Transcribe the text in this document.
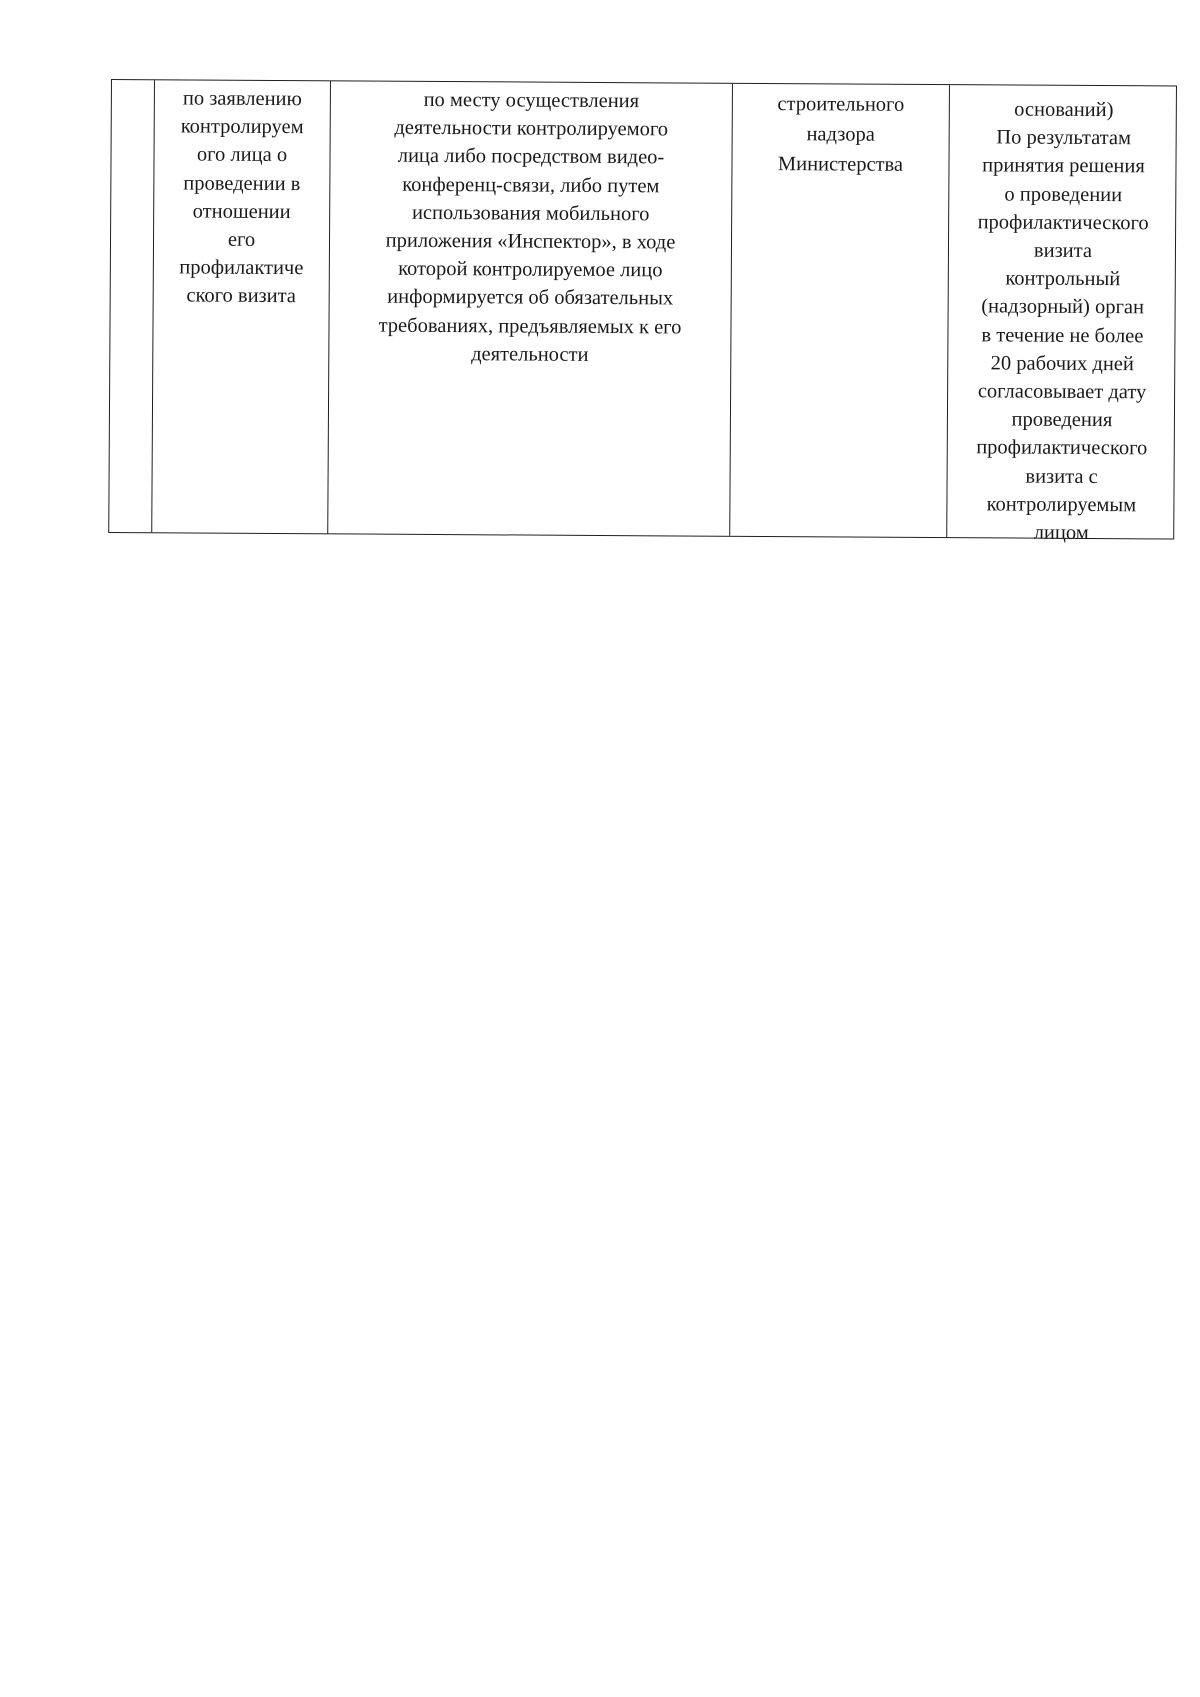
по заявлению
контролируем
ого лица о
проведении в
отношении
его
профилактиче
ского визита
по месту осуществления
деятельности контролируемого
лица либо посредством видео-
конференц-связи, либо путем
использования мобильного
приложения «Инспектор», в ходе
которой контролируемое лицо
информируется об обязательных
требованиях, предъявляемых к его
деятельности
строительного
надзора
Министерства
оснований)
По результатам
принятия решения
о проведении
профилактического
визита
контрольный
(надзорный) орган
в течение не более
20 рабочих дней
согласовывает дату
проведения
профилактического
визита с
контролируемым
лицом
